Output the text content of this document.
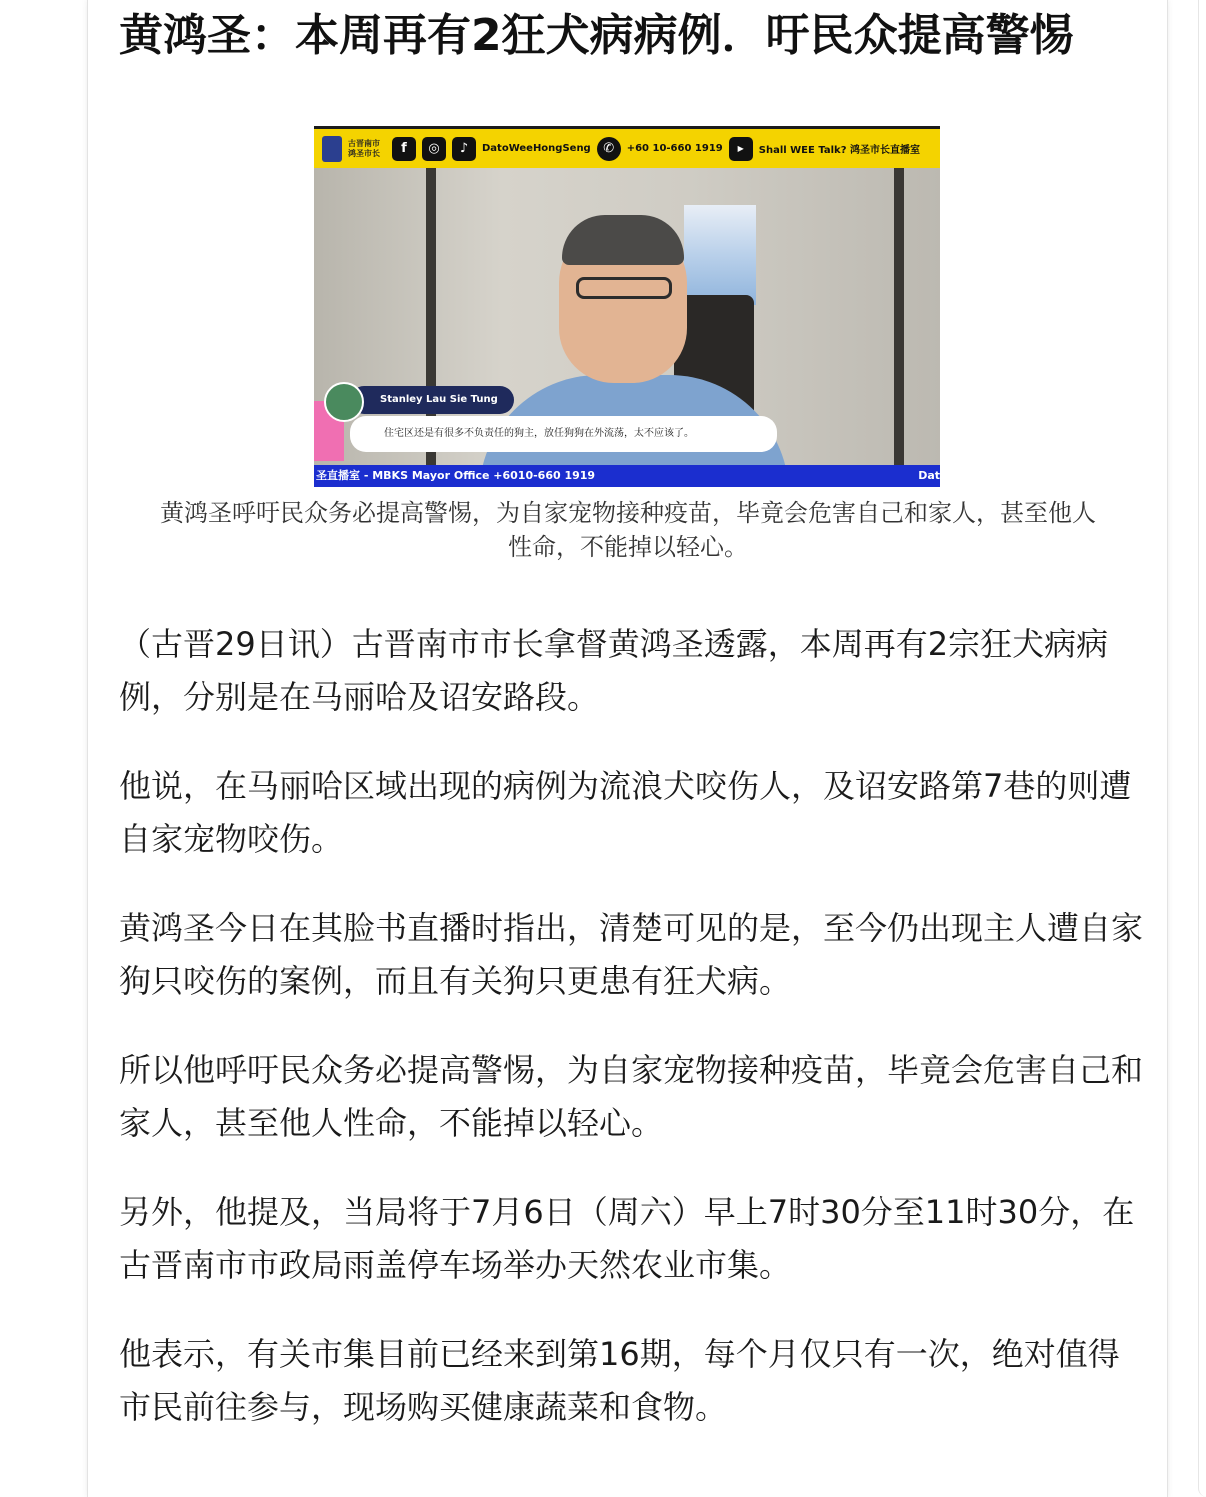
黄鸿圣：本周再有2狂犬病病例．吁民众提高警惕
古晋南市 鸿圣市长	f	◎	♪	DatoWeeHongSeng ✆	+60 10-660 1919	▶	Shall WEE Talk? 鸿圣市长直播室
Stanley Lau Sie Tung
住宅区还是有很多不负责任的狗主，放任狗狗在外流荡，太不应该了。
圣直播室 - MBKS Mayor Office +6010-660 1919	Dat
黄鸿圣呼吁民众务必提高警惕，为自家宠物接种疫苗，毕竟会危害自己和家人，甚至他人性命，不能掉以轻心。

（古晋29日讯）古晋南市市长拿督黄鸿圣透露，本周再有2宗狂犬病病例，分别是在马丽哈及诏安路段。

他说，在马丽哈区域出现的病例为流浪犬咬伤人，及诏安路第7巷的则遭自家宠物咬伤。

黄鸿圣今日在其脸书直播时指出，清楚可见的是，至今仍出现主人遭自家狗只咬伤的案例，而且有关狗只更患有狂犬病。

所以他呼吁民众务必提高警惕，为自家宠物接种疫苗，毕竟会危害自己和家人，甚至他人性命，不能掉以轻心。

另外，他提及，当局将于7月6日（周六）早上7时30分至11时30分，在古晋南市市政局雨盖停车场举办天然农业市集。

他表示，有关市集目前已经来到第16期，每个月仅只有一次，绝对值得市民前往参与，现场购买健康蔬菜和食物。
